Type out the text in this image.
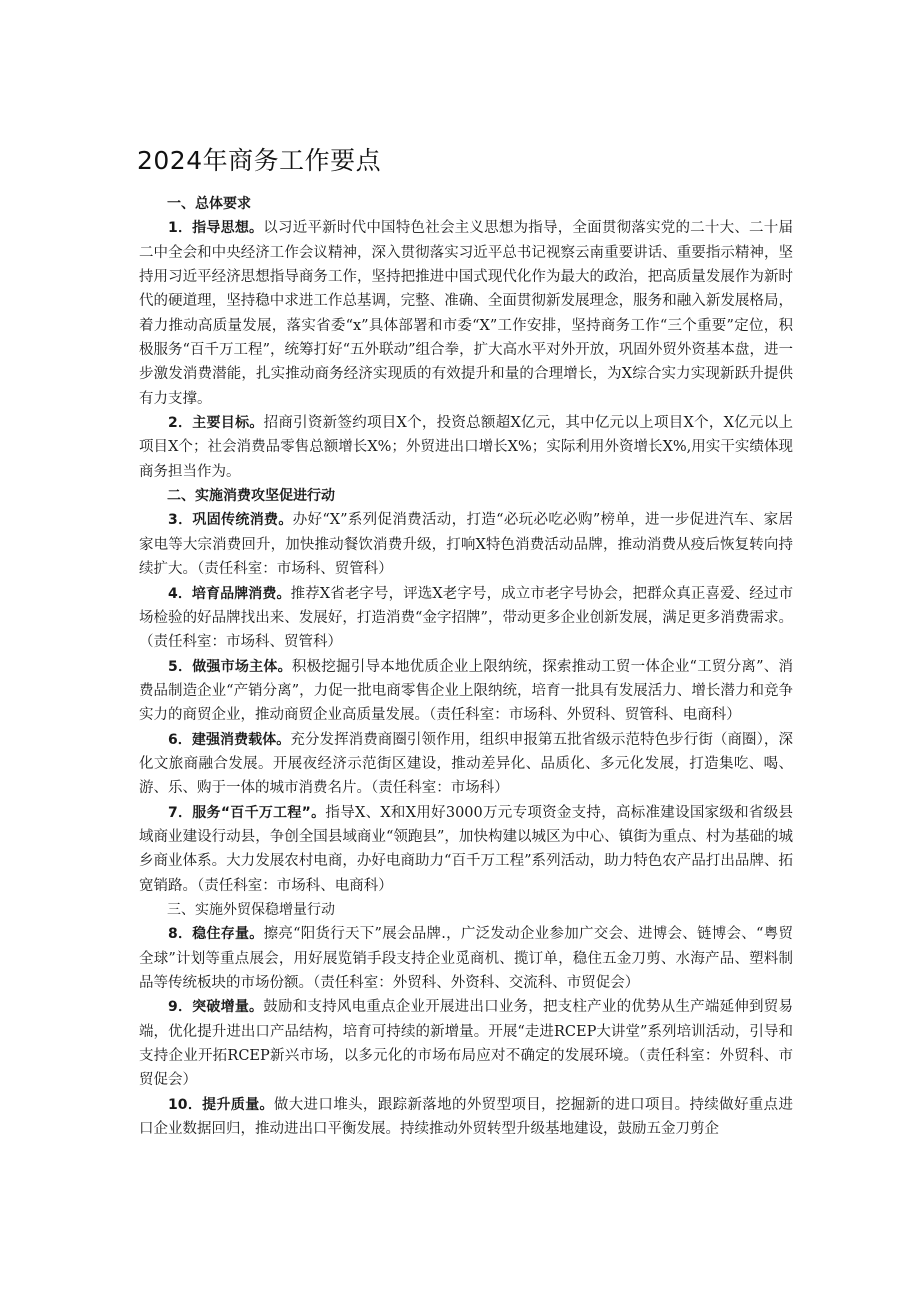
2024年商务工作要点

一、总体要求

1．指导思想。以习近平新时代中国特色社会主义思想为指导，全面贯彻落实党的二十大、二十届二中全会和中央经济工作会议精神，深入贯彻落实习近平总书记视察云南重要讲话、重要指示精神，坚持用习近平经济思想指导商务工作，坚持把推进中国式现代化作为最大的政治，把高质量发展作为新时代的硬道理，坚持稳中求进工作总基调，完整、准确、全面贯彻新发展理念，服务和融入新发展格局，着力推动高质量发展，落实省委“x”具体部署和市委“X”工作安排，坚持商务工作“三个重要”定位，积极服务“百千万工程”，统筹打好“五外联动”组合拳，扩大高水平对外开放，巩固外贸外资基本盘，进一步激发消费潜能，扎实推动商务经济实现质的有效提升和量的合理增长，为X综合实力实现新跃升提供有力支撑。

2．主要目标。招商引资新签约项目X个，投资总额超X亿元，其中亿元以上项目X个，X亿元以上项目X个；社会消费品零售总额增长X%；外贸进出口增长X%；实际利用外资增长X%,用实干实绩体现商务担当作为。

二、实施消费攻坚促进行动

3．巩固传统消费。办好“X”系列促消费活动，打造“必玩必吃必购”榜单，进一步促进汽车、家居家电等大宗消费回升，加快推动餐饮消费升级，打响X特色消费活动品牌，推动消费从疫后恢复转向持续扩大。（责任科室：市场科、贸管科）

4．培育品牌消费。推荐X省老字号，评选X老字号，成立市老字号协会，把群众真正喜爱、经过市场检验的好品牌找出来、发展好，打造消费“金字招牌”，带动更多企业创新发展，满足更多消费需求。（责任科室：市场科、贸管科）

5．做强市场主体。积极挖掘引导本地优质企业上限纳统，探索推动工贸一体企业“工贸分离”、消费品制造企业“产销分离”，力促一批电商零售企业上限纳统，培育一批具有发展活力、增长潜力和竞争实力的商贸企业，推动商贸企业高质量发展。（责任科室：市场科、外贸科、贸管科、电商科）

6．建强消费载体。充分发挥消费商圈引领作用，组织申报第五批省级示范特色步行街（商圈），深化文旅商融合发展。开展夜经济示范街区建设，推动差异化、品质化、多元化发展，打造集吃、喝、游、乐、购于一体的城市消费名片。（责任科室：市场科）

7．服务“百千万工程”。指导X、X和X用好3000万元专项资金支持，高标准建设国家级和省级县域商业建设行动县，争创全国县域商业“领跑县”，加快构建以城区为中心、镇街为重点、村为基础的城乡商业体系。大力发展农村电商，办好电商助力“百千万工程”系列活动，助力特色农产品打出品牌、拓宽销路。（责任科室：市场科、电商科）

三、实施外贸保稳增量行动

8．稳住存量。擦亮“阳货行天下”展会品牌.，广泛发动企业参加广交会、进博会、链博会、“粤贸全球”计划等重点展会，用好展览销手段支持企业觅商机、揽订单，稳住五金刀剪、水海产品、塑料制品等传统板块的市场份额。（责任科室：外贸科、外资科、交流科、市贸促会）

9．突破增量。鼓励和支持风电重点企业开展进出口业务，把支柱产业的优势从生产端延伸到贸易端，优化提升进出口产品结构，培育可持续的新增量。开展“走进RCEP大讲堂”系列培训活动，引导和支持企业开拓RCEP新兴市场，以多元化的市场布局应对不确定的发展环境。（责任科室：外贸科、市贸促会）

10．提升质量。做大进口堆头，跟踪新落地的外贸型项目，挖掘新的进口项目。持续做好重点进口企业数据回归，推动进出口平衡发展。持续推动外贸转型升级基地建设，鼓励五金刀剪企
